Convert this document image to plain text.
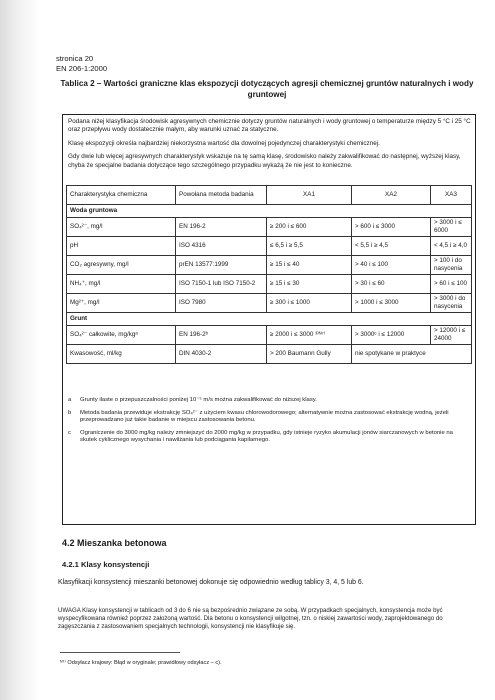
stronica 20
EN 206-1:2000
Tablica 2 – Wartości graniczne klas ekspozycji dotyczących agresji chemicznej gruntów naturalnych i wody gruntowej

Podana niżej klasyfikacja środowisk agresywnych chemicznie dotyczy gruntów naturalnych i wody gruntowej o temperaturze między 5 °C i 25 °C oraz przepływu wody dostatecznie małym, aby warunki uznać za statyczne.

Klasę ekspozycji określa najbardziej niekorzystna wartość dla dowolnej pojedynczej charakterystyki chemicznej.

Gdy dwie lub więcej agresywnych charakterystyk wskazuje na tę samą klasę, środowisko należy zakwalifikować do następnej, wyższej klasy, chyba że specjalne badania dotyczące tego szczególnego przypadku wykażą że nie jest to konieczne.

Charakterystyka chemiczna	Powołana metoda badania	XA1	XA2	XA3
Woda gruntowa				
SO₄²⁻, mg/l	EN 196-2	≥ 200 i ≤ 600	> 600 i ≤ 3000	> 3000 i ≤ 6000
pH	ISO 4316	≤ 6,5 i ≥ 5,5	< 5,5 i ≥ 4,5	< 4,5 i ≥ 4,0
CO₂ agresywny, mg/l	prEN 13577:1999	≥ 15 i ≤ 40	> 40 i ≤ 100	> 100 i do nasycenia
NH₄⁺, mg/l	ISO 7150-1 lub ISO 7150-2	≥ 15 i ≤ 30	> 30 i ≤ 60	> 60 i ≤ 100
Mg²⁺, mg/l	ISO 7980	≥ 300 i ≤ 1000	> 1000 i ≤ 3000	> 3000 i do nasycenia
Grunt				
SO₄²⁻ całkowite, mg/kgᵃ	EN 196-2ᵇ	≥ 2000 i ≤ 3000 ³⁾ᴺ⁷⁾	> 3000ᶜ i ≤ 12000	> 12000 i ≤ 24000
Kwasowość, ml/kg	DIN 4030-2	> 200 Baumann Gully	nie spotykane w praktyce	
a	Grunty ilaste o przepuszczalności poniżej 10⁻⁵ m/s można zakwalifikować do niższej klasy.
b	Metoda badania przewiduje ekstrakcję SO₄²⁻ z użyciem kwasu chlorowodorowego; alternatywnie można zastosować ekstrakcję wodną, jeżeli przeprowadzano już takie badanie w miejscu zastosowania betonu.
c	Ograniczenie do 3000 mg/kg należy zmniejszyć do 2000 mg/kg w przypadku, gdy istnieje ryzyko akumulacji jonów siarczanowych w betonie na skutek cyklicznego wysychania i nawilżania lub podciągania kapilarnego.
4.2 Mieszanka betonowa
4.2.1 Klasy konsystencji
Klasyfikacji konsystencji mieszanki betonowej dokonuje się odpowiednio według tablicy 3, 4, 5 lub 6.
UWAGA Klasy konsystencji w tablicach od 3 do 6 nie są bezpośrednio związane ze sobą. W przypadkach specjalnych, konsystencja może być wyspecyfikowana również poprzez założoną wartość. Dla betonu o konsystencji wilgotnej, tzn. o niskiej zawartości wody, zaprojektowanego do zagęszczania z zastosowaniem specjalnych technologii, konsystencji nie klasyfikuje się.
ᴺ⁷⁾ Odsyłacz krajowy: Błąd w oryginale; prawidłowy odsyłacz – c).
